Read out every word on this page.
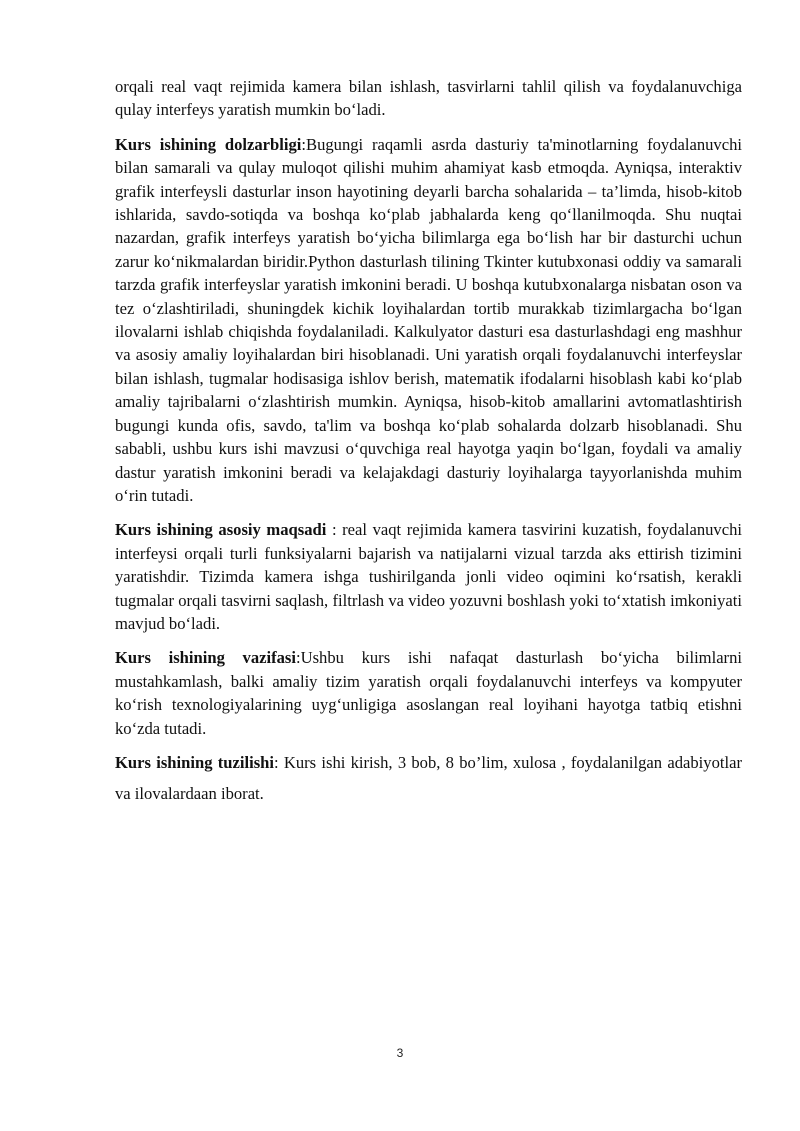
orqali real vaqt rejimida kamera bilan ishlash, tasvirlarni tahlil qilish va foydalanuvchiga qulay interfeys yaratish mumkin bo‘ladi.

Kurs ishining dolzarbligi:Bugungi raqamli asrda dasturiy ta'minotlarning foydalanuvchi bilan samarali va qulay muloqot qilishi muhim ahamiyat kasb etmoqda. Ayniqsa, interaktiv grafik interfeysli dasturlar inson hayotining deyarli barcha sohalarida – ta’limda, hisob-kitob ishlarida, savdo-sotiqda va boshqa ko‘plab jabhalarda keng qo‘llanilmoqda. Shu nuqtai nazardan, grafik interfeys yaratish bo‘yicha bilimlarga ega bo‘lish har bir dasturchi uchun zarur ko‘nikmalardan biridir.Python dasturlash tilining Tkinter kutubxonasi oddiy va samarali tarzda grafik interfeyslar yaratish imkonini beradi. U boshqa kutubxonalarga nisbatan oson va tez o‘zlashtiriladi, shuningdek kichik loyihalardan tortib murakkab tizimlargacha bo‘lgan ilovalarni ishlab chiqishda foydalaniladi. Kalkulyator dasturi esa dasturlashdagi eng mashhur va asosiy amaliy loyihalardan biri hisoblanadi. Uni yaratish orqali foydalanuvchi interfeyslar bilan ishlash, tugmalar hodisasiga ishlov berish, matematik ifodalarni hisoblash kabi ko‘plab amaliy tajribalarni o‘zlashtirish mumkin. Ayniqsa, hisob-kitob amallarini avtomatlashtirish bugungi kunda ofis, savdo, ta'lim va boshqa ko‘plab sohalarda dolzarb hisoblanadi. Shu sababli, ushbu kurs ishi mavzusi o‘quvchiga real hayotga yaqin bo‘lgan, foydali va amaliy dastur yaratish imkonini beradi va kelajakdagi dasturiy loyihalarga tayyorlanishda muhim o‘rin tutadi.

Kurs ishining asosiy maqsadi : real vaqt rejimida kamera tasvirini kuzatish, foydalanuvchi interfeysi orqali turli funksiyalarni bajarish va natijalarni vizual tarzda aks ettirish tizimini yaratishdir. Tizimda kamera ishga tushirilganda jonli video oqimini ko‘rsatish, kerakli tugmalar orqali tasvirni saqlash, filtrlash va video yozuvni boshlash yoki to‘xtatish imkoniyati mavjud bo‘ladi.

Kurs ishining vazifasi:Ushbu kurs ishi nafaqat dasturlash bo‘yicha bilimlarni mustahkamlash, balki amaliy tizim yaratish orqali foydalanuvchi interfeys va kompyuter ko‘rish texnologiyalarining uyg‘unligiga asoslangan real loyihani hayotga tatbiq etishni ko‘zda tutadi.

Kurs ishining tuzilishi: Kurs ishi kirish, 3 bob, 8 bo’lim, xulosa , foydalanilgan adabiyotlar va ilovalardaan iborat.

3
